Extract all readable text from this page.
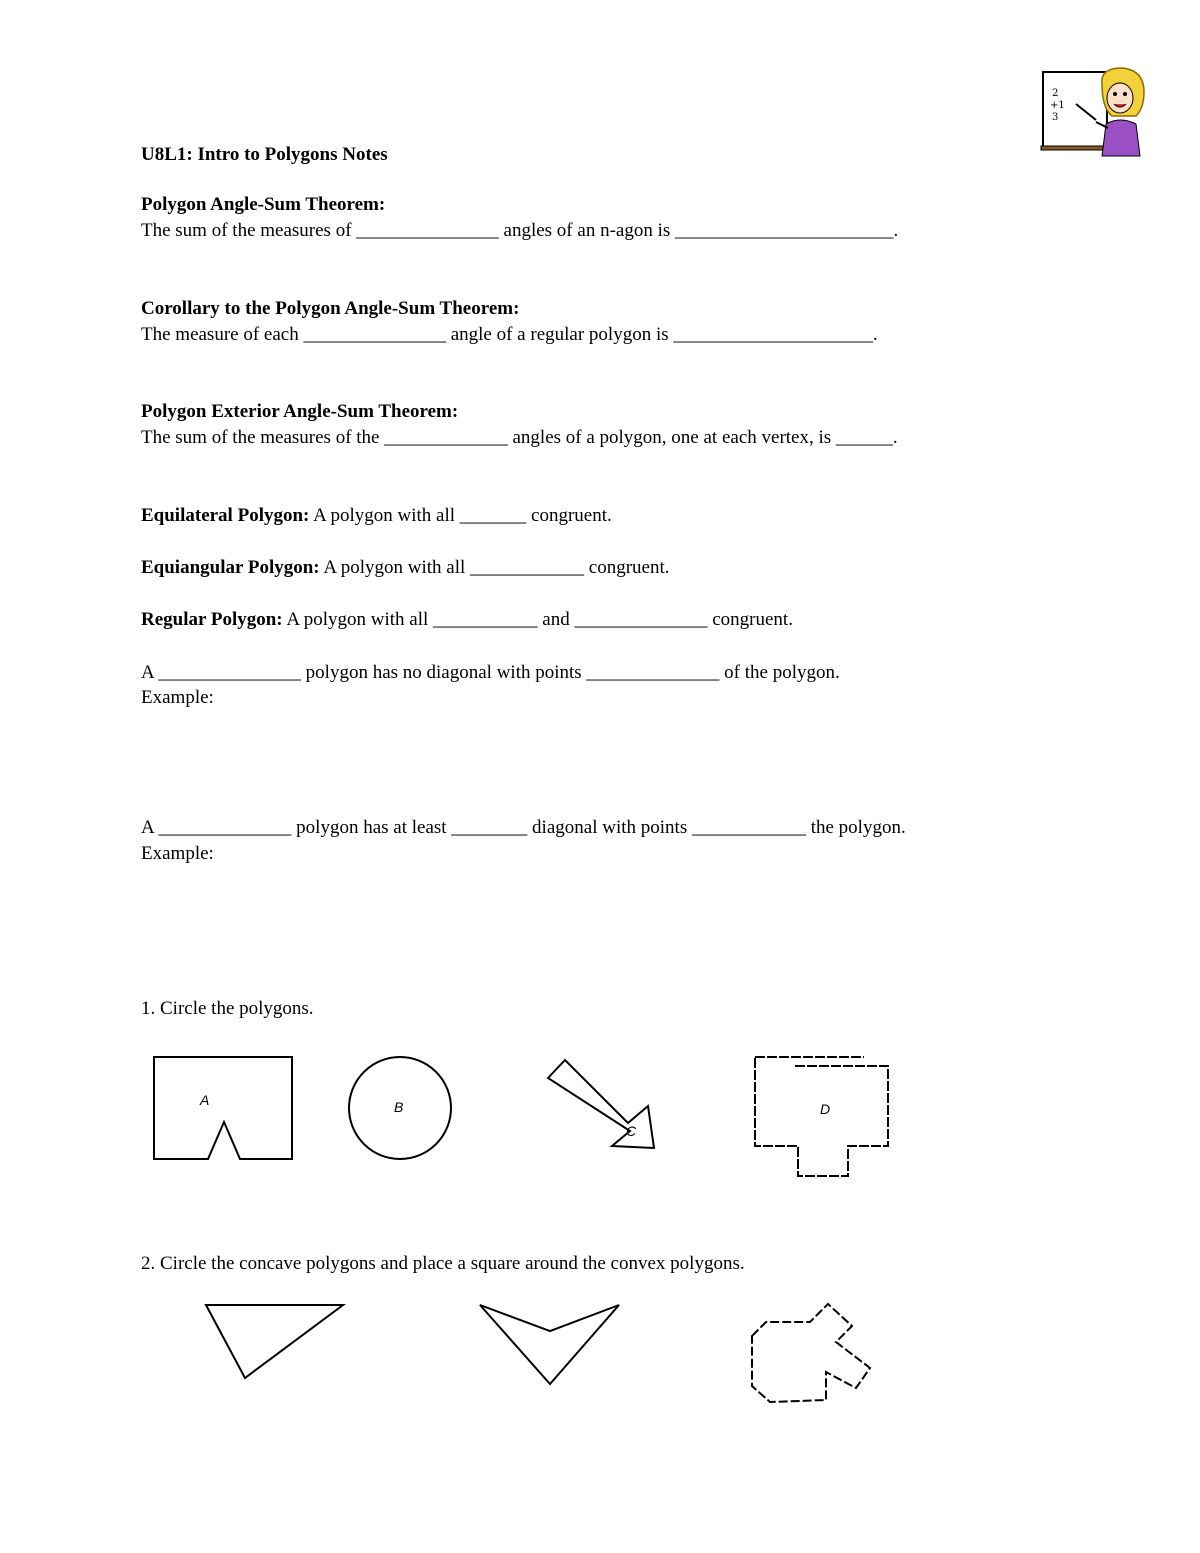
U8L1: Intro to Polygons Notes
Polygon Angle-Sum Theorem:
The sum of the measures of _______________ angles of an n-agon is _______________________.
Corollary to the Polygon Angle-Sum Theorem:
The measure of each _______________ angle of a regular polygon is _____________________.
Polygon Exterior Angle-Sum Theorem:
The sum of the measures of the _____________ angles of a polygon, one at each vertex, is ______.
Equilateral Polygon: A polygon with all _______ congruent.
Equiangular Polygon: A polygon with all ____________ congruent.
Regular Polygon: A polygon with all ___________ and ______________ congruent.
A _______________ polygon has no diagonal with points ______________ of the polygon.
Example:
A ______________ polygon has at least ________ diagonal with points ____________ the polygon.
Example:
1. Circle the polygons.
2. Circle the concave polygons and place a square around the convex polygons.
2
+1
3
A	B
C
D
